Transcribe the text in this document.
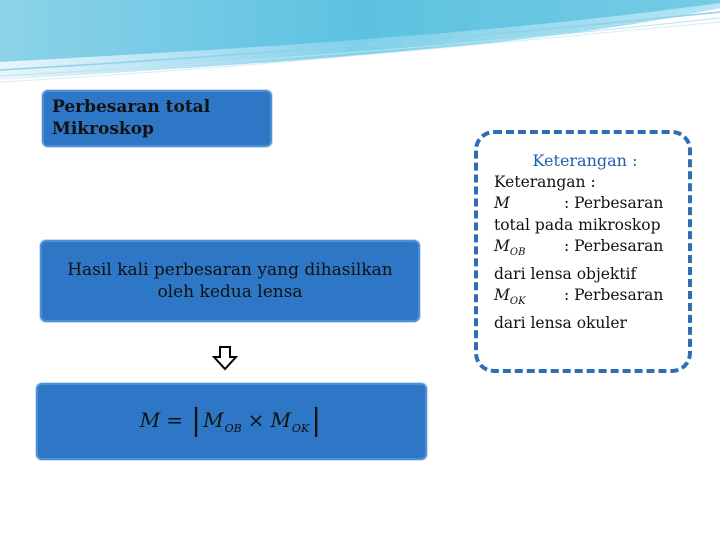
Perbesaran total Mikroskop
Hasil kali perbesaran yang dihasilkan oleh kedua lensa
M = | $M_{OB} \times M_{OK}$ |
Keterangan :
Keterangan :
M	: Perbesaran
total pada mikroskop
$M_{OB}$ : Perbesaran
dari lensa objektif
$M_{OK}$ : Perbesaran
dari lensa okuler
